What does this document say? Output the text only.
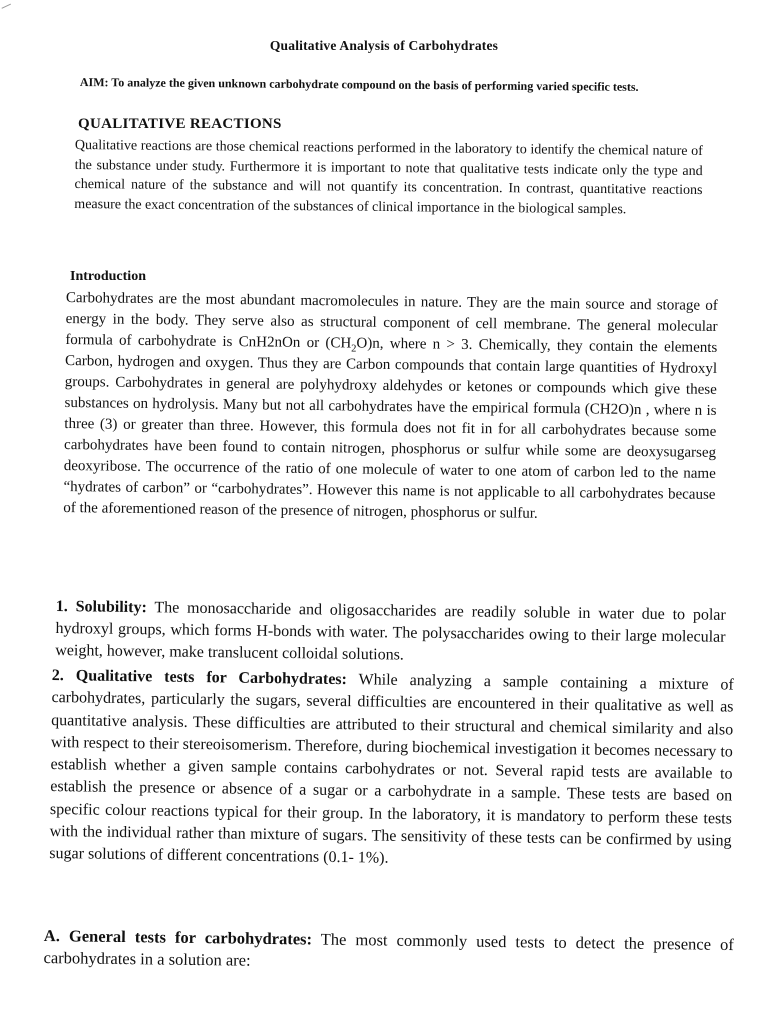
Qualitative Analysis of Carbohydrates

AIM: To analyze the given unknown carbohydrate compound on the basis of performing varied specific tests.

QUALITATIVE REACTIONS

Qualitative reactions are those chemical reactions performed in the laboratory to identify the chemical nature of the substance under study. Furthermore it is important to note that qualitative tests indicate only the type and chemical nature of the substance and will not quantify its concentration. In contrast, quantitative reactions measure the exact concentration of the substances of clinical importance in the biological samples.

Introduction

Carbohydrates are the most abundant macromolecules in nature. They are the main source and storage of energy in the body. They serve also as structural component of cell membrane. The general molecular formula of carbohydrate is CnH2nOn or $(CH_2O)n$, where n > 3. Chemically, they contain the elements Carbon, hydrogen and oxygen. Thus they are Carbon compounds that contain large quantities of Hydroxyl groups. Carbohydrates in general are polyhydroxy aldehydes or ketones or compounds which give these substances on hydrolysis. Many but not all carbohydrates have the empirical formula (CH2O)n , where n is three (3) or greater than three. However, this formula does not fit in for all carbohydrates because some carbohydrates have been found to contain nitrogen, phosphorus or sulfur while some are deoxysugarseg deoxyribose. The occurrence of the ratio of one molecule of water to one atom of carbon led to the name “hydrates of carbon” or “carbohydrates”. However this name is not applicable to all carbohydrates because of the aforementioned reason of the presence of nitrogen, phosphorus or sulfur.

1. Solubility: The monosaccharide and oligosaccharides are readily soluble in water due to polar hydroxyl groups, which forms H-bonds with water. The polysaccharides owing to their large molecular weight, however, make translucent colloidal solutions.

2. Qualitative tests for Carbohydrates: While analyzing a sample containing a mixture of carbohydrates, particularly the sugars, several difficulties are encountered in their qualitative as well as quantitative analysis. These difficulties are attributed to their structural and chemical similarity and also with respect to their stereoisomerism. Therefore, during biochemical investigation it becomes necessary to establish whether a given sample contains carbohydrates or not. Several rapid tests are available to establish the presence or absence of a sugar or a carbohydrate in a sample. These tests are based on specific colour reactions typical for their group. In the laboratory, it is mandatory to perform these tests with the individual rather than mixture of sugars. The sensitivity of these tests can be confirmed by using sugar solutions of different concentrations (0.1- 1%).

A. General tests for carbohydrates: The most commonly used tests to detect the presence of carbohydrates in a solution are:
